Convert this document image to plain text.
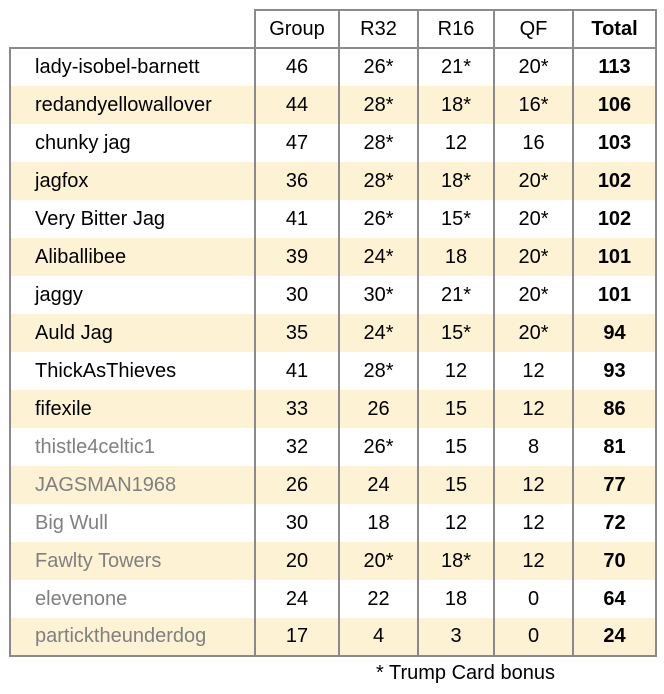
	Group	R32	R16	QF	Total
lady-isobel-barnett	46	26*	21*	20*	113
redandyellowallover	44	28*	18*	16*	106
chunky jag	47	28*	12	16	103
jagfox	36	28*	18*	20*	102
Very Bitter Jag	41	26*	15*	20*	102
Aliballibee	39	24*	18	20*	101
jaggy	30	30*	21*	20*	101
Auld Jag	35	24*	15*	20*	94
ThickAsThieves	41	28*	12	12	93
fifexile	33	26	15	12	86
thistle4celtic1	32	26*	15	8	81
JAGSMAN1968	26	24	15	12	77
Big Wull	30	18	12	12	72
Fawlty Towers	20	20*	18*	12	70
elevenone	24	22	18	0	64
particktheunderdog	17	4	3	0	24
* Trump Card bonus
